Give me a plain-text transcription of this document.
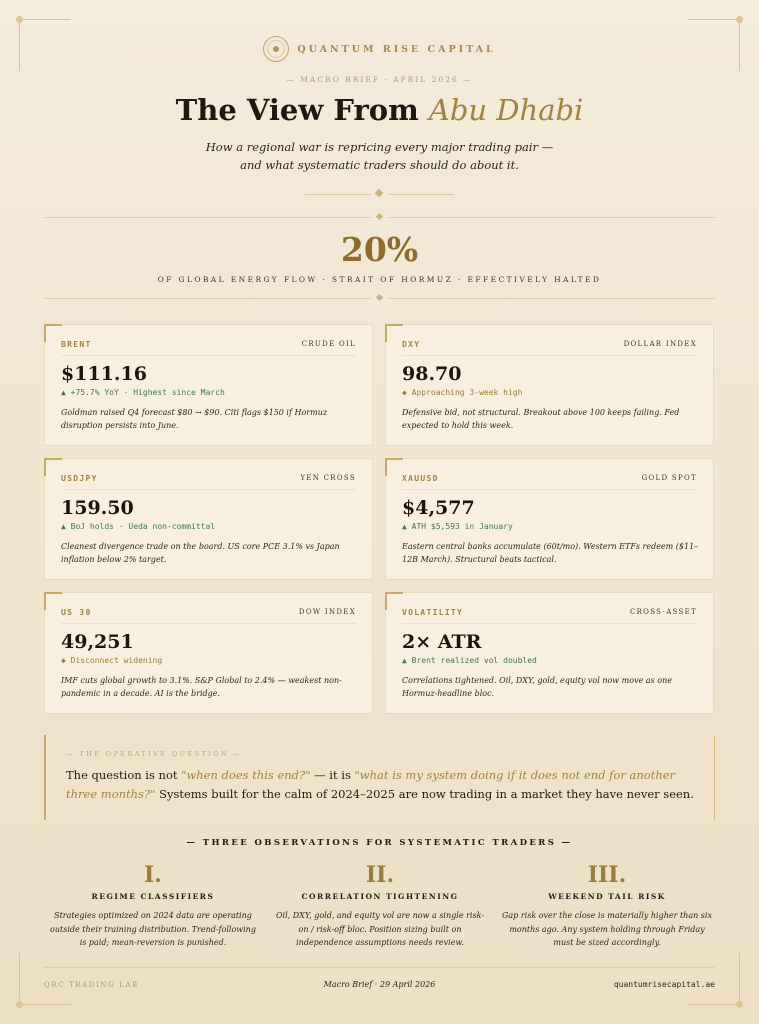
QUANTUM RISE CAPITAL
— MACRO BRIEF · APRIL 2026 —
The View From Abu Dhabi
How a regional war is repricing every major trading pair —
and what systematic traders should do about it.
20%
OF GLOBAL ENERGY FLOW · STRAIT OF HORMUZ · EFFECTIVELY HALTED
BRENT	CRUDE OIL
$111.16
▲ +75.7% YoY · Highest since March
Goldman raised Q4 forecast $80 → $90. Citi flags $150 if Hormuz disruption persists into June.
DXY	DOLLAR INDEX
98.70
◆ Approaching 3-week high
Defensive bid, not structural. Breakout above 100 keeps failing. Fed expected to hold this week.
USDJPY	YEN CROSS
159.50
▲ BoJ holds · Ueda non-committal
Cleanest divergence trade on the board. US core PCE 3.1% vs Japan inflation below 2% target.
XAUUSD	GOLD SPOT
$4,577
▲ ATH $5,593 in January
Eastern central banks accumulate (60t/mo). Western ETFs redeem ($11–12B March). Structural beats tactical.
US 30	DOW INDEX
49,251
◆ Disconnect widening
IMF cuts global growth to 3.1%. S&P Global to 2.4% — weakest non-pandemic in a decade. AI is the bridge.
VOLATILITY	CROSS-ASSET
2× ATR
▲ Brent realized vol doubled
Correlations tightened. Oil, DXY, gold, equity vol now move as one Hormuz-headline bloc.
— THE OPERATIVE QUESTION —

The question is not "when does this end?" — it is "what is my system doing if it does not end for another three months?" Systems built for the calm of 2024–2025 are now trading in a market they have never seen.

— THREE OBSERVATIONS FOR SYSTEMATIC TRADERS —
I.
REGIME CLASSIFIERS
Strategies optimized on 2024 data are operating outside their training distribution. Trend-following is paid; mean-reversion is punished.
II.
CORRELATION TIGHTENING
Oil, DXY, gold, and equity vol are now a single risk-on / risk-off bloc. Position sizing built on independence assumptions needs review.
III.
WEEKEND TAIL RISK
Gap risk over the close is materially higher than six months ago. Any system holding through Friday must be sized accordingly.
QRC TRADING LAB	Macro Brief · 29 April 2026	quantumrisecapital.ae
